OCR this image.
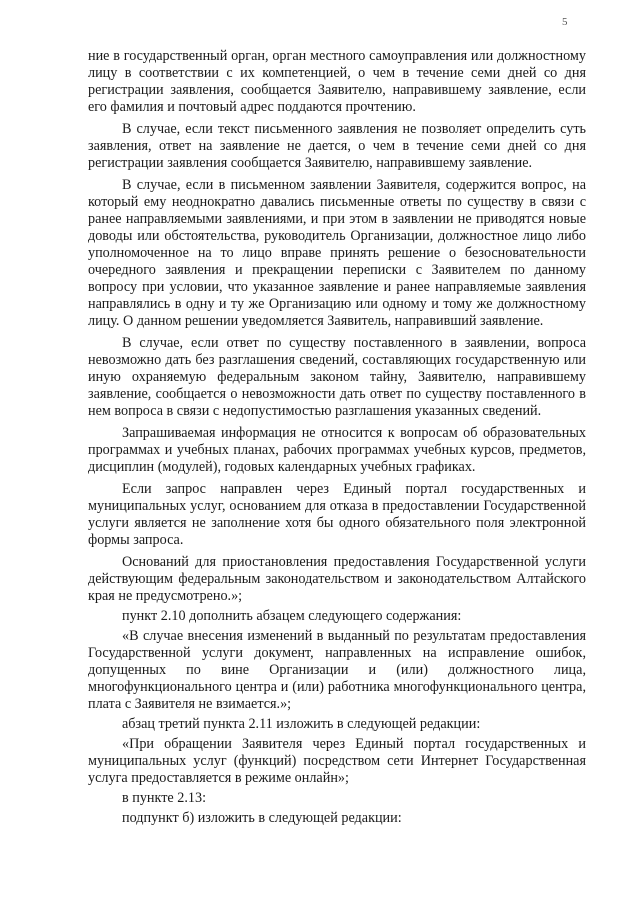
5

ние в государственный орган, орган местного самоуправления или должностному лицу в соответствии с их компетенцией, о чем в течение семи дней со дня регистрации заявления, сообщается Заявителю, направившему заявление, если его фамилия и почтовый адрес поддаются прочтению.

В случае, если текст письменного заявления не позволяет определить суть заявления, ответ на заявление не дается, о чем в течение семи дней со дня регистрации заявления сообщается Заявителю, направившему заявление.

В случае, если в письменном заявлении Заявителя, содержится вопрос, на который ему неоднократно давались письменные ответы по существу в связи с ранее направляемыми заявлениями, и при этом в заявлении не приводятся новые доводы или обстоятельства, руководитель Организации, должностное лицо либо уполномоченное на то лицо вправе принять решение о безосновательности очередного заявления и прекращении переписки с Заявителем по данному вопросу при условии, что указанное заявление и ранее направляемые заявления направлялись в одну и ту же Организацию или одному и тому же должностному лицу. О данном решении уведомляется Заявитель, направивший заявление.

В случае, если ответ по существу поставленного в заявлении, вопроса невозможно дать без разглашения сведений, составляющих государственную или иную охраняемую федеральным законом тайну, Заявителю, направившему заявление, сообщается о невозможности дать ответ по существу поставленного в нем вопроса в связи с недопустимостью разглашения указанных сведений.

Запрашиваемая информация не относится к вопросам об образовательных программах и учебных планах, рабочих программах учебных курсов, предметов, дисциплин (модулей), годовых календарных учебных графиках.

Если запрос направлен через Единый портал государственных и муниципальных услуг, основанием для отказа в предоставлении Государственной услуги является не заполнение хотя бы одного обязательного поля электронной формы запроса.

Оснований для приостановления предоставления Государственной услуги действующим федеральным законодательством и законодательством Алтайского края не предусмотрено.»;

пункт 2.10 дополнить абзацем следующего содержания:

«В случае внесения изменений в выданный по результатам предоставления Государственной услуги документ, направленных на исправление ошибок, допущенных по вине Организации и (или) должностного лица, многофункционального центра и (или) работника многофункционального центра, плата с Заявителя не взимается.»;

абзац третий пункта 2.11 изложить в следующей редакции:

«При обращении Заявителя через Единый портал государственных и муниципальных услуг (функций) посредством сети Интернет Государственная услуга предоставляется в режиме онлайн»;

в пункте 2.13:

подпункт б) изложить в следующей редакции:
